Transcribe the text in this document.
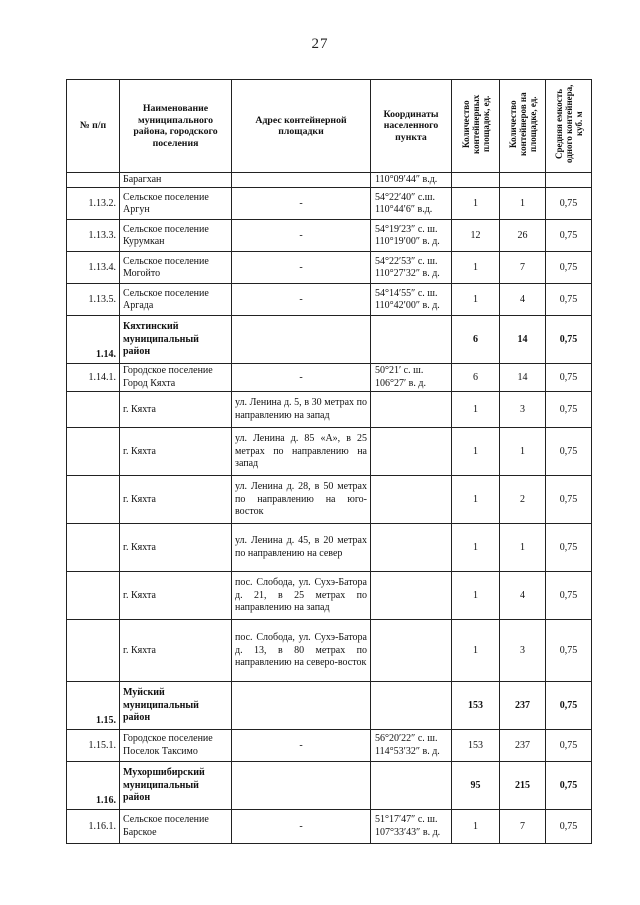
27
№ п/п	Наименование муниципального района, городского поселения	Адрес контейнерной площадки	Координаты населенного пункта	Количество контейнерных площадок, ед.	Количество контейнеров на площадке, ед.	Средняя емкость одного контейнера, куб. м
	Барагхан		110°09′44″ в.д.			
1.13.2.	Сельское поселение Аргун	-	54°22′40″ с.ш. 110°44′6″ в.д.	1	1	0,75
1.13.3.	Сельское поселение Курумкан	-	54°19′23″ с. ш. 110°19′00″ в. д.	12	26	0,75
1.13.4.	Сельское поселение Могойто	-	54°22′53″ с. ш. 110°27′32″ в. д.	1	7	0,75
1.13.5.	Сельское поселение Аргада	-	54°14′55″ с. ш. 110°42′00″ в. д.	1	4	0,75
1.14.	Кяхтинский муниципальный район			6	14	0,75
1.14.1.	Городское поселение Город Кяхта	-	50°21′ с. ш. 106°27′ в. д.	6	14	0,75
	г. Кяхта	ул. Ленина д. 5, в 30 метрах по направлению на запад		1	3	0,75
	г. Кяхта	ул. Ленина д. 85 «А», в 25 метрах по направлению на запад		1	1	0,75
	г. Кяхта	ул. Ленина д. 28, в 50 метрах по направлению на юго-восток		1	2	0,75
	г. Кяхта	ул. Ленина д. 45, в 20 метрах по направлению на север		1	1	0,75
	г. Кяхта	пос. Слобода, ул. Сухэ-Батора д. 21, в 25 метрах по направлению на запад		1	4	0,75
	г. Кяхта	пос. Слобода, ул. Сухэ-Батора д. 13, в 80 метрах по направлению на северо-восток		1	3	0,75
1.15.	Муйский муниципальный район			153	237	0,75
1.15.1.	Городское поселение Поселок Таксимо	-	56°20′22″ с. ш. 114°53′32″ в. д.	153	237	0,75
1.16.	Мухоршибирский муниципальный район			95	215	0,75
1.16.1.	Сельское поселение Барское	-	51°17′47″ с. ш. 107°33′43″ в. д.	1	7	0,75
